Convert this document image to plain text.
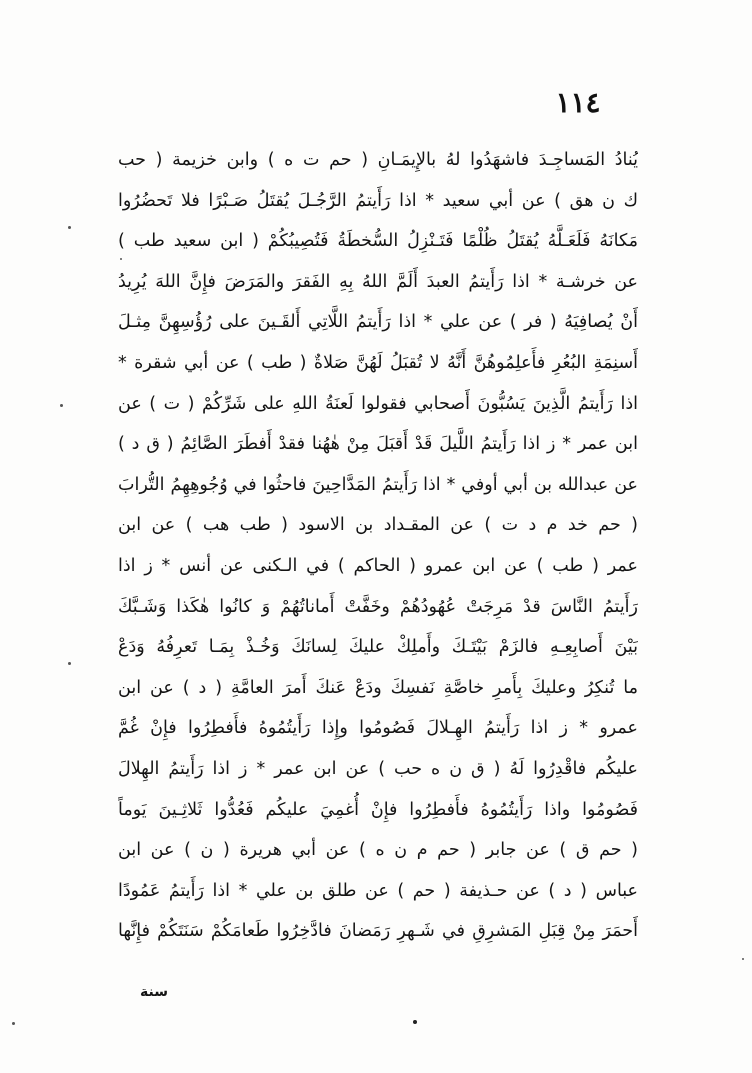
١١٤
يُنادُ المَساجِـدَ فاشهَدُوا لهُ بالإِيمَـانِ ( حم ت ه ) وابن خزيمة ( حب
ك ن هق ) عن أبي سعيد * اذا رَأَيتمُ الرَّجُـلَ يُقتَلُ صَـبْرًا فلا تَحضُرُوا
مَكانَهُ فَلَعَـلَّهُ يُقتَلُ ظُلْمًا فَتَـنْزِلُ السُّخطَةُ فَتُصِيبُكُمْ ( ابن سعيد طب )
عن خرشـة * اذا رَأَيتمُ العبدَ أَلَمَّ اللهُ بِهِ الفَقرَ والمَرَضَ فإِنَّ اللهَ يُرِيدُ
أَنْ يُصافِيَهُ ( فر ) عن علي * اذا رَأَيتمُ اللَّاتِي أَلقَـينَ على رُؤُسِهِنَّ مِثـلَ
أَسنِمَةِ البُعُرِ فأَعلِمُوهُنَّ أَنَّهُ لا تُقبَلُ لَهُنَّ صَلاةٌ ( طب ) عن أبي شقرة *
اذا رَأَيتمُ الَّذِينَ يَسُبُّونَ أَصحابي فقولوا لَعنَةُ اللهِ على شَرِّكُمْ ( ت ) عن
ابن عمر * ز اذا رَأَيتمُ اللَّيلَ قَدْ أَقبَلَ مِنْ هٰهُنا فقدْ أَفطَرَ الصَّائِمُ ( ق د )
عن عبدالله بن أبي أوفي * اذا رَأَيتمُ المَدَّاحِينَ فاحثُوا في وُجُوهِهِمُ التُّرابَ
( حم خد م د ت ) عن المقـداد بن الاسود ( طب هب ) عن ابن
عمر ( طب ) عن ابن عمرو ( الحاكم ) في الـكنى عن أنس * ز اذا
رَأَيتمُ النَّاسَ قدْ مَرِجَتْ عُهُودُهُمْ وخَفَّتْ أَماناتُهُمْ وَ كانُوا هٰكَذا وَشَـبَّكَ
بَيْنَ أَصابِعِـهِ فالزَمْ بَيْتَـكَ وأَملِكْ عليكَ لِسانَكَ وَخُـذْ بِمَـا تَعرِفُهُ وَدَعْ
ما تُنكِرُ وعليكَ بِأَمرِ خاصَّةِ نَفسِكَ ودَعْ عَنكَ أَمرَ العامَّةِ ( د ) عن ابن
عمرو * ز اذا رَأَيتمُ الهِـلالَ فَصُومُوا وإِذا رَأَيتُمُوهُ فأَفطِرُوا فإِنْ غُمَّ
عليكُم فاقْدِرُوا لَهُ ( ق ن ه حب ) عن ابن عمر * ز اذا رَأَيتمُ الهِلالَ
فَصُومُوا واذا رَأَيتُمُوهُ فأَفطِرُوا فإِنْ أُغمِيَ عليكُم فَعُدُّوا ثَلاثِـينَ يَوماً
( حم ق ) عن جابر ( حم م ن ه ) عن أبي هريرة ( ن ) عن ابن
عباس ( د ) عن حـذيفة ( حم ) عن طلق بن علي * اذا رَأَيتمُ عَمُودًا
أَحمَرَ مِنْ قِبَلِ المَشرِقِ في شَـهرِ رَمَضانَ فادَّخِرُوا طَعامَكُمْ سَنَتَكُمْ فإِنَّها
سنة
